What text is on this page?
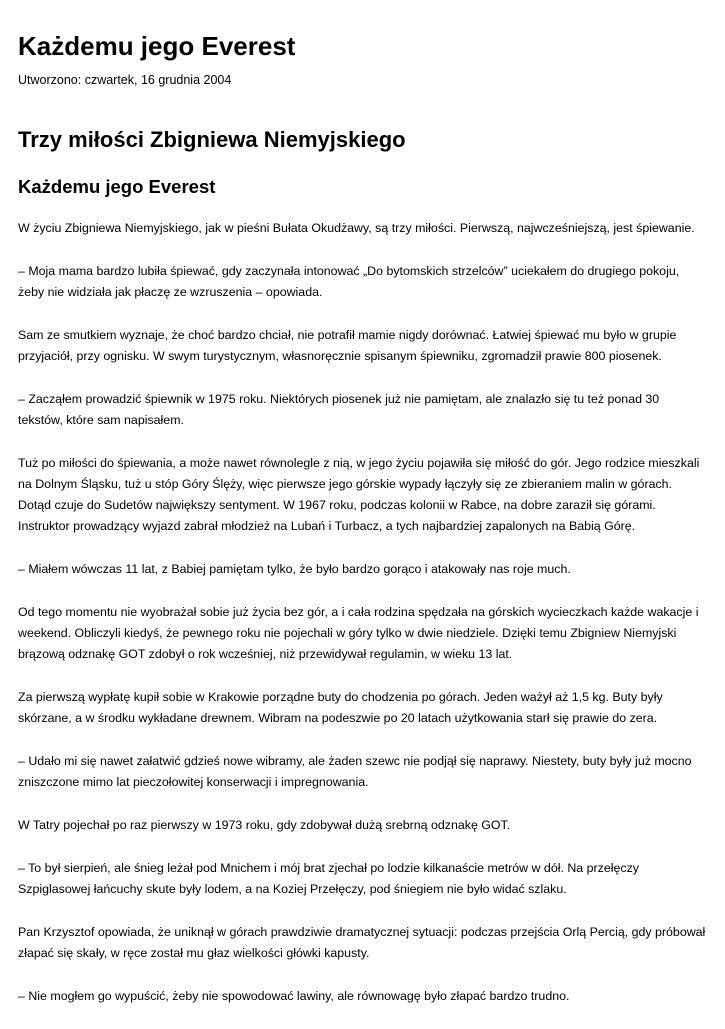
Każdemu jego Everest
Utworzono: czwartek, 16 grudnia 2004
Trzy miłości Zbigniewa Niemyjskiego
Każdemu jego Everest

W życiu Zbigniewa Niemyjskiego, jak w pieśni Bułata Okudżawy, są trzy miłości. Pierwszą, najwcześniejszą, jest śpiewanie.

– Moja mama bardzo lubiła śpiewać, gdy zaczynała intonować „Do bytomskich strzelców” uciekałem do drugiego pokoju, żeby nie widziała jak płaczę ze wzruszenia – opowiada.

Sam ze smutkiem wyznaje, że choć bardzo chciał, nie potrafił mamie nigdy dorównać. Łatwiej śpiewać mu było w grupie przyjaciół, przy ognisku. W swym turystycznym, własnoręcznie spisanym śpiewniku, zgromadził prawie 800 piosenek.

– Zacząłem prowadzić śpiewnik w 1975 roku. Niektórych piosenek już nie pamiętam, ale znalazło się tu też ponad 30 tekstów, które sam napisałem.

Tuż po miłości do śpiewania, a może nawet równolegle z nią, w jego życiu pojawiła się miłość do gór. Jego rodzice mieszkali na Dolnym Śląsku, tuż u stóp Góry Ślęży, więc pierwsze jego górskie wypady łączyły się ze zbieraniem malin w górach. Dotąd czuje do Sudetów największy sentyment. W 1967 roku, podczas kolonii w Rabce, na dobre zaraził się górami. Instruktor prowadzący wyjazd zabrał młodzież na Lubań i Turbacz, a tych najbardziej zapalonych na Babią Górę.

– Miałem wówczas 11 lat, z Babiej pamiętam tylko, że było bardzo gorąco i atakowały nas roje much.

Od tego momentu nie wyobrażał sobie już życia bez gór, a i cała rodzina spędzała na górskich wycieczkach każde wakacje i weekend. Obliczyli kiedyś, że pewnego roku nie pojechali w góry tylko w dwie niedziele. Dzięki temu Zbigniew Niemyjski brązową odznakę GOT zdobył o rok wcześniej, niż przewidywał regulamin, w wieku 13 lat.

Za pierwszą wypłatę kupił sobie w Krakowie porządne buty do chodzenia po górach. Jeden ważył aż 1,5 kg. Buty były skórzane, a w środku wykładane drewnem. Wibram na podeszwie po 20 latach użytkowania starł się prawie do zera.

– Udało mi się nawet załatwić gdzieś nowe wibramy, ale żaden szewc nie podjął się naprawy. Niestety, buty były już mocno zniszczone mimo lat pieczołowitej konserwacji i impregnowania.

W Tatry pojechał po raz pierwszy w 1973 roku, gdy zdobywał dużą srebrną odznakę GOT.

– To był sierpień, ale śnieg leżał pod Mnichem i mój brat zjechał po lodzie kilkanaście metrów w dół. Na przełęczy Szpiglasowej łańcuchy skute były lodem, a na Koziej Przełęczy, pod śniegiem nie było widać szlaku.

Pan Krzysztof opowiada, że uniknął w górach prawdziwie dramatycznej sytuacji: podczas przejścia Orlą Percią, gdy próbował złapać się skały, w ręce został mu głaz wielkości główki kapusty.

– Nie mogłem go wypuścić, żeby nie spowodować lawiny, ale równowagę było złapać bardzo trudno.
